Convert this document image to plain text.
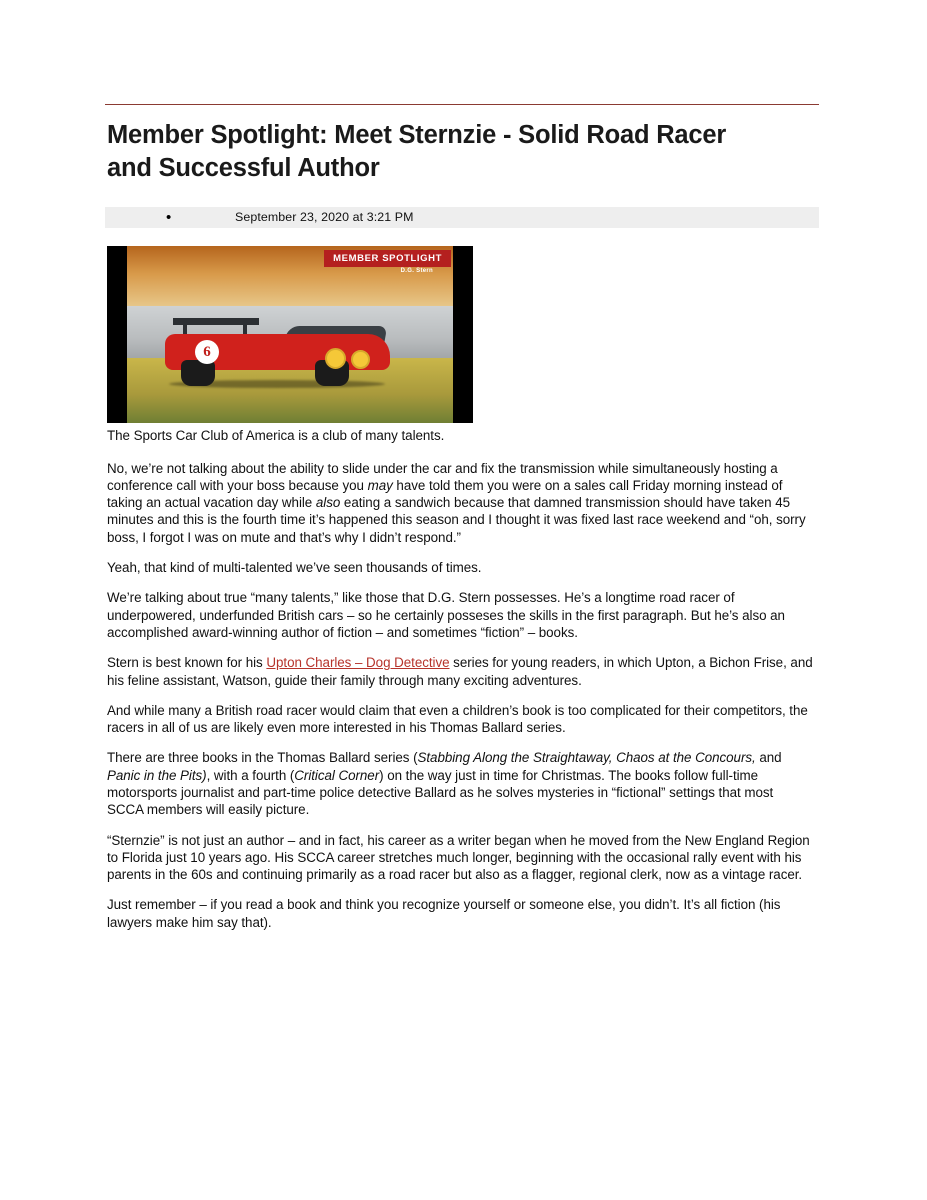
Member Spotlight: Meet Sternzie - Solid Road Racer and Successful Author
•	September 23, 2020 at 3:21 PM
6
MEMBER SPOTLIGHT
D.G. Stern

The Sports Car Club of America is a club of many talents.

No, we’re not talking about the ability to slide under the car and fix the transmission while simultaneously hosting a conference call with your boss because you may have told them you were on a sales call Friday morning instead of taking an actual vacation day while also eating a sandwich because that damned transmission should have taken 45 minutes and this is the fourth time it’s happened this season and I thought it was fixed last race weekend and “oh, sorry boss, I forgot I was on mute and that’s why I didn’t respond.”

Yeah, that kind of multi-talented we’ve seen thousands of times.

We’re talking about true “many talents,” like those that D.G. Stern possesses. He’s a longtime road racer of underpowered, underfunded British cars – so he certainly posseses the skills in the first paragraph. But he’s also an accomplished award-winning author of fiction – and sometimes “fiction” – books.

Stern is best known for his Upton Charles – Dog Detective series for young readers, in which Upton, a Bichon Frise, and his feline assistant, Watson, guide their family through many exciting adventures.

And while many a British road racer would claim that even a children’s book is too complicated for their competitors, the racers in all of us are likely even more interested in his Thomas Ballard series.

There are three books in the Thomas Ballard series (Stabbing Along the Straightaway, Chaos at the Concours, and Panic in the Pits), with a fourth (Critical Corner) on the way just in time for Christmas. The books follow full-time motorsports journalist and part-time police detective Ballard as he solves mysteries in “fictional” settings that most SCCA members will easily picture.

“Sternzie” is not just an author – and in fact, his career as a writer began when he moved from the New England Region to Florida just 10 years ago. His SCCA career stretches much longer, beginning with the occasional rally event with his parents in the 60s and continuing primarily as a road racer but also as a flagger, regional clerk, now as a vintage racer.

Just remember – if you read a book and think you recognize yourself or someone else, you didn’t. It’s all fiction (his lawyers make him say that).
